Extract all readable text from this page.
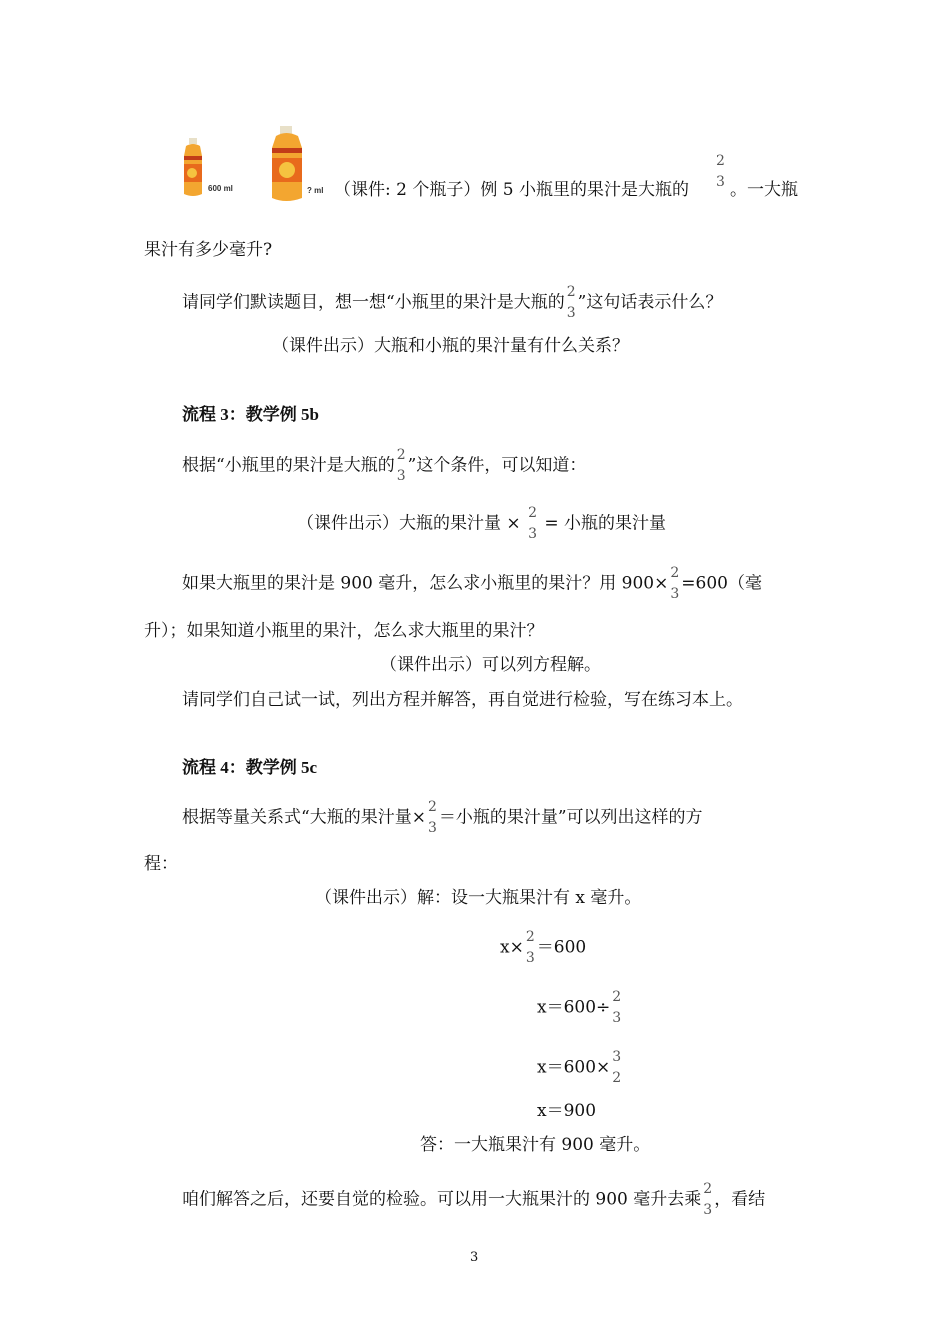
600 ml	? ml （课件: 2 个瓶子）例 5 小瓶里的果汁是大瓶的
2
3 。一大瓶
果汁有多少毫升?
请同学们默读题目，想一想“小瓶里的果汁是大瓶的
2
3
”这句话表示什么？
（课件出示）大瓶和小瓶的果汁量有什么关系？
流程 3：教学例 5b
根据“小瓶里的果汁是大瓶的
2
3
”这个条件，可以知道：
（课件出示）大瓶的果汁量 ×
2
3
= 小瓶的果汁量
如果大瓶里的果汁是 900 毫升，怎么求小瓶里的果汁？用 900×
2
3
=600（毫
升）；如果知道小瓶里的果汁，怎么求大瓶里的果汁？
（课件出示）可以列方程解。
请同学们自己试一试，列出方程并解答，再自觉进行检验，写在练习本上。
流程 4：教学例 5c
根据等量关系式“大瓶的果汁量×
2
3
＝小瓶的果汁量”可以列出这样的方
程：
（课件出示）解：设一大瓶果汁有 x 毫升。
x×
2
3
＝600
x＝600÷
2
3
x＝600×
3
2
x＝900
答：一大瓶果汁有 900 毫升。
咱们解答之后，还要自觉的检验。可以用一大瓶果汁的 900 毫升去乘
2
3
，看结
3
